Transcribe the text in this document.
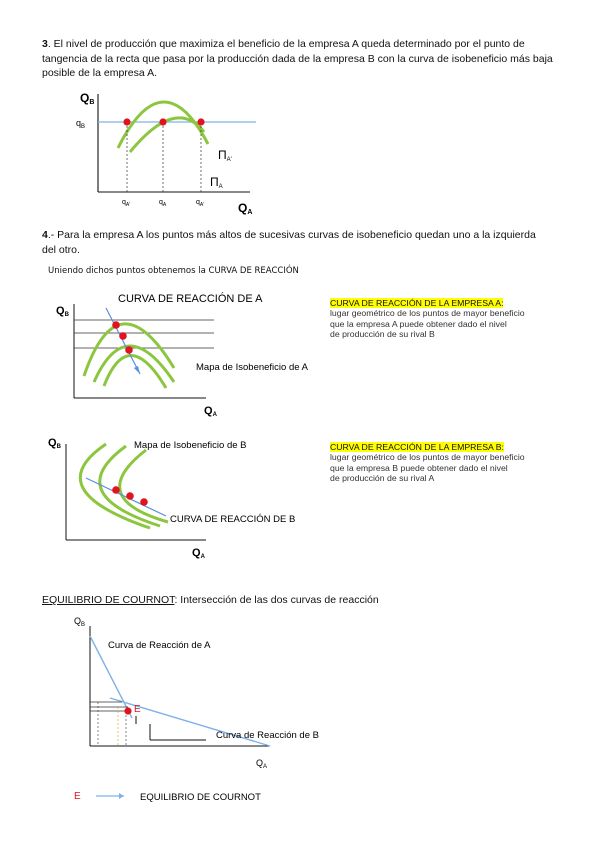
3. El nivel de producción que maximiza el beneficio de la empresa A queda determinado por el punto de tangencia de la recta que pasa por la producción dada de la empresa B con la curva de isobeneficio más baja posible de la empresa A.
QB
$q_B$
QA
ΠA'
ΠA
$q_{A'}$	$q_A$	$q_{A'}$
4.- Para la empresa A los puntos más altos de sucesivas curvas de isobeneficio quedan uno a la izquierda del otro.
Uniendo dichos puntos obtenemos la CURVA DE REACCIÓN
QB
QA
CURVA DE REACCIÓN DE A
Mapa de Isobeneficio de A
CURVA DE REACCIÓN DE LA EMPRESA A:
lugar geométrico de los puntos de mayor beneficio
que la empresa A puede obtener dado el nivel
de producción de su rival B
QB
QA
Mapa de Isobeneficio de B
CURVA DE REACCIÓN DE B
CURVA DE REACCIÓN DE LA EMPRESA B:
lugar geométrico de los puntos de mayor beneficio
que la empresa B puede obtener dado el nivel
de producción de su rival A
EQUILIBRIO DE COURNOT: Intersección de las dos curvas de reacción
$Q_B$
$Q_A$
Curva de Reacción de A
Curva de Reacción de B
E
E	EQUILIBRIO DE COURNOT
